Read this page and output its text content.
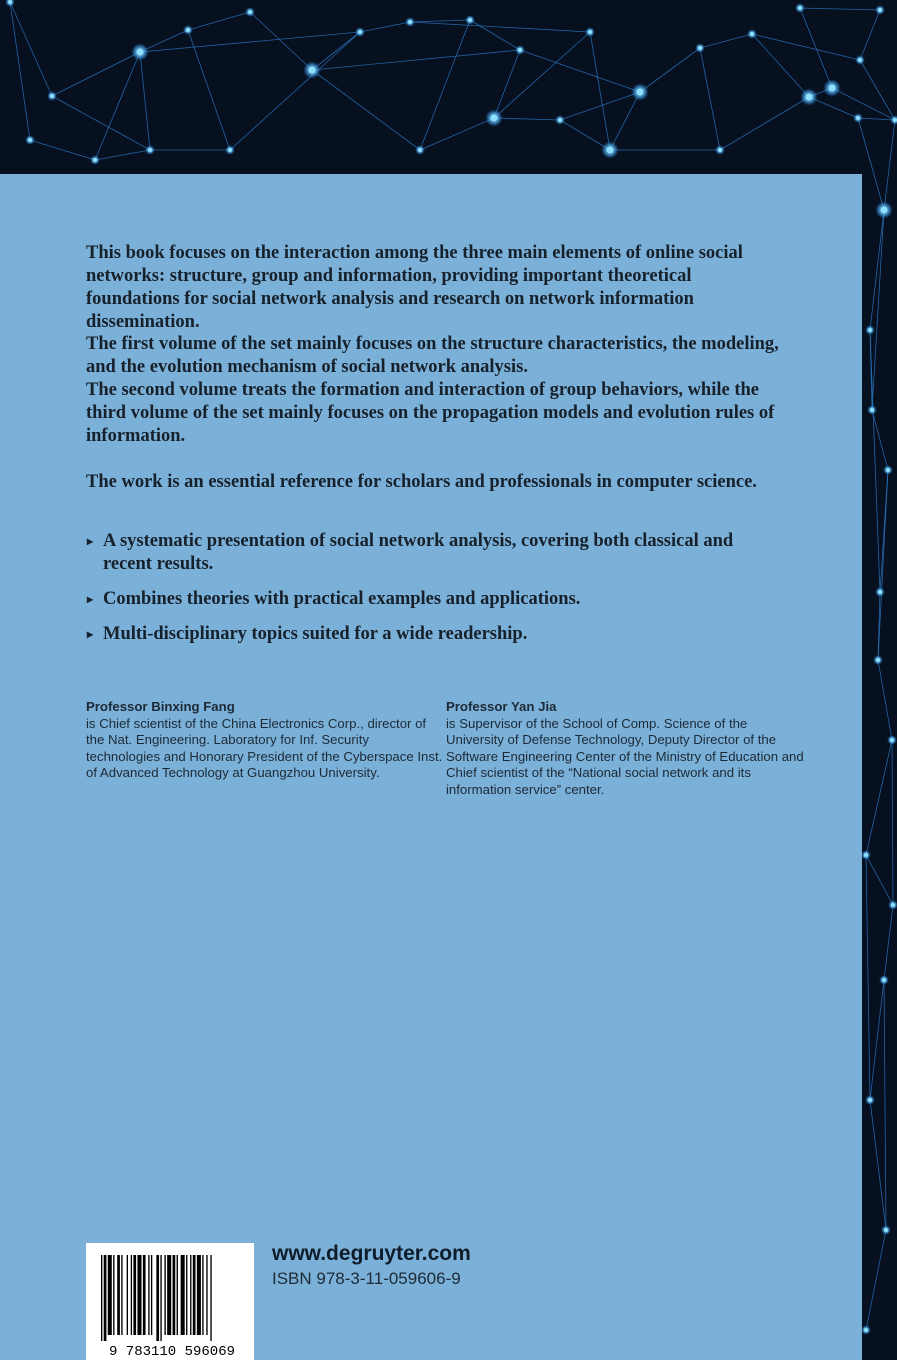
This book focuses on the interaction among the three main elements of online social networks: structure, group and information, providing important theoretical foundations for social network analysis and research on network information dissemination.

The first volume of the set mainly focuses on the structure characteristics, the modeling, and the evolution mechanism of social network analysis.
The second volume treats the formation and interaction of group behaviors, while the third volume of the set mainly focuses on the propagation models and evolution rules of information.

The work is an essential reference for scholars and professionals in computer science.

▸ A systematic presentation of social network analysis, covering both classical and recent results.
▸ Combines theories with practical examples and applications.
▸ Multi-disciplinary topics suited for a wide readership.
Professor Binxing Fang
is Chief scientist of the China Electronics Corp., director of the Nat. Engineering. Laboratory for Inf. Security technologies and Honorary President of the Cyberspace Inst. of Advanced Technology at Guangzhou University.
Professor Yan Jia
is Supervisor of the School of Comp. Science of the University of Defense Technology, Deputy Director of the Software Engineering Center of the Ministry of Education and Chief scientist of the “National social network and its information service” center.
9 783110 596069
www.degruyter.com
ISBN 978-3-11-059606-9
